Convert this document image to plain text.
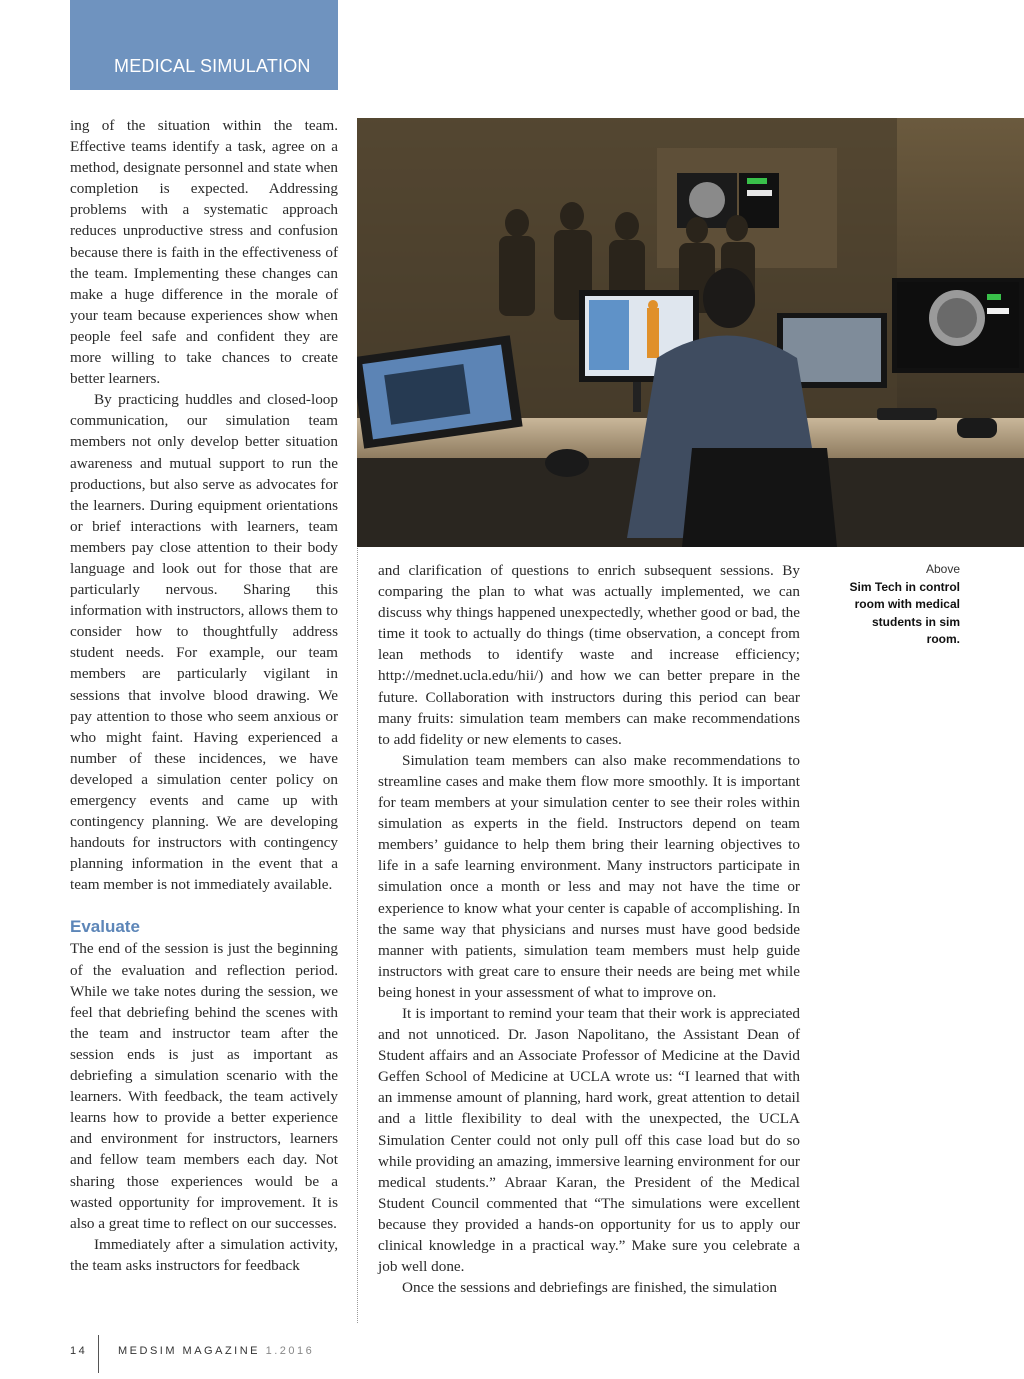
MEDICAL SIMULATION

ing of the situation within the team. Effective teams identify a task, agree on a method, designate personnel and state when completion is expected. Addressing problems with a systematic approach reduces unproductive stress and confusion because there is faith in the effectiveness of the team. Implementing these changes can make a huge difference in the morale of your team because experiences show when people feel safe and confident they are more willing to take chances to create better learners.

By practicing huddles and closed-loop communication, our simulation team members not only develop better situation awareness and mutual support to run the productions, but also serve as advocates for the learners. During equipment orientations or brief interactions with learners, team members pay close attention to their body language and look out for those that are particularly nervous. Sharing this information with instructors, allows them to consider how to thoughtfully address student needs. For example, our team members are particularly vigilant in sessions that involve blood drawing. We pay attention to those who seem anxious or who might faint. Having experienced a number of these incidences, we have developed a simulation center policy on emergency events and came up with contingency planning. We are developing handouts for instructors with contingency planning information in the event that a team member is not immediately available.

Evaluate

The end of the session is just the beginning of the evaluation and reflection period. While we take notes during the session, we feel that debriefing behind the scenes with the team and instructor team after the session ends is just as important as debriefing a simulation scenario with the learners. With feedback, the team actively learns how to provide a better experience and environment for instructors, learners and fellow team members each day. Not sharing those experiences would be a wasted opportunity for improvement. It is also a great time to reflect on our successes.

Immediately after a simulation activity, the team asks instructors for feedback

and clarification of questions to enrich subsequent sessions. By comparing the plan to what was actually implemented, we can discuss why things happened unexpectedly, whether good or bad, the time it took to actually do things (time observation, a concept from lean methods to identify waste and increase efficiency; http://mednet.ucla.edu/hii/) and how we can better prepare in the future. Collaboration with instructors during this period can bear many fruits: simulation team members can make recommendations to add fidelity or new elements to cases.

Simulation team members can also make recommendations to streamline cases and make them flow more smoothly. It is important for team members at your simulation center to see their roles within simulation as experts in the field. Instructors depend on team members’ guidance to help them bring their learning objectives to life in a safe learning environment. Many instructors participate in simulation once a month or less and may not have the time or experience to know what your center is capable of accomplishing. In the same way that physicians and nurses must have good bedside manner with patients, simulation team members must help guide instructors with great care to ensure their needs are being met while being honest in your assessment of what to improve on.

It is important to remind your team that their work is appreciated and not unnoticed. Dr. Jason Napolitano, the Assistant Dean of Student affairs and an Associate Professor of Medicine at the David Geffen School of Medicine at UCLA wrote us: “I learned that with an immense amount of planning, hard work, great attention to detail and a little flexibility to deal with the unexpected, the UCLA Simulation Center could not only pull off this case load but do so while providing an amazing, immersive learning environment for our medical students.” Abraar Karan, the President of the Medical Student Council commented that “The simulations were excellent because they provided a hands-on opportunity for us to apply our clinical knowledge in a practical way.” Make sure you celebrate a job well done.

Once the sessions and debriefings are finished, the simulation

Above
Sim Tech in control room with medical students in sim room.
14	MEDSIM MAGAZINE 1.2016
